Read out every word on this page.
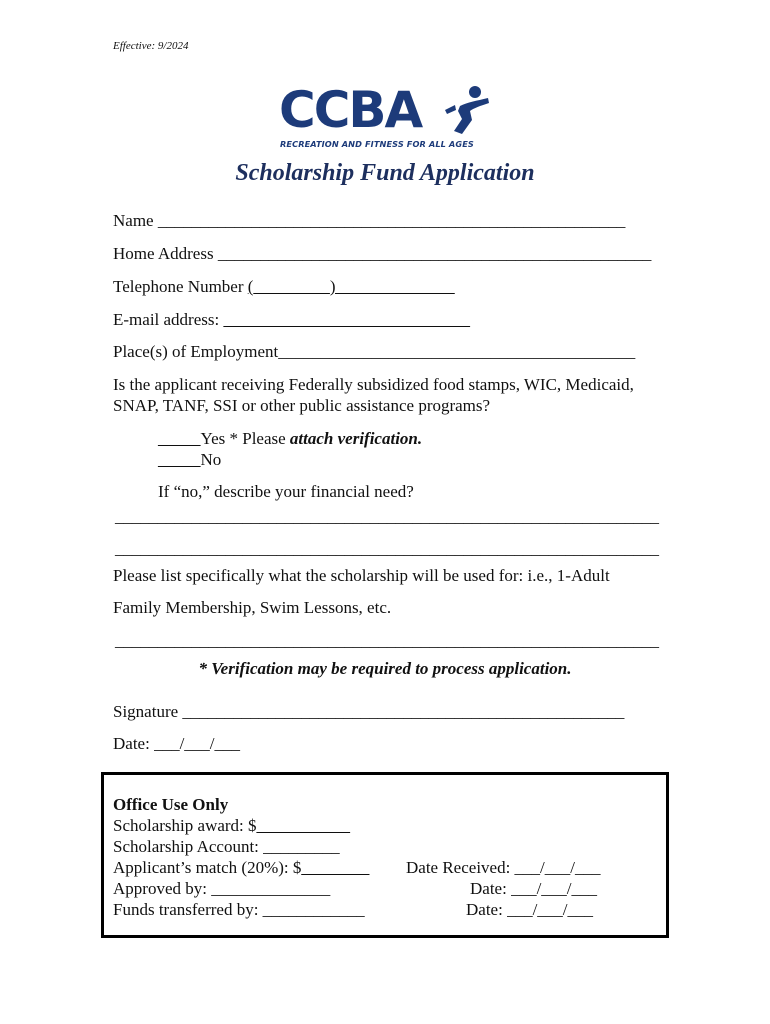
Effective: 9/2024
CCBA
RECREATION AND FITNESS FOR ALL AGES
Scholarship Fund Application
Name _______________________________________________________
Home Address ___________________________________________________
Telephone Number (_________)______________
E-mail address: _____________________________
Place(s) of Employment__________________________________________
Is the applicant receiving Federally subsidized food stamps, WIC, Medicaid,
SNAP, TANF, SSI or other public assistance programs?
_____Yes * Please attach verification.
_____No
If “no,” describe your financial need?
________________________________________________________________
________________________________________________________________
Please list specifically what the scholarship will be used for: i.e., 1-Adult
Family Membership, Swim Lessons, etc.
________________________________________________________________
* Verification may be required to process application.
Signature ____________________________________________________
Date: ___/___/___
Office Use Only
Scholarship award: $___________
Scholarship Account: _________
Applicant’s match (20%): $________
Approved by: ______________
Funds transferred by: ____________
Date Received: ___/___/___
Date: ___/___/___
Date: ___/___/___
